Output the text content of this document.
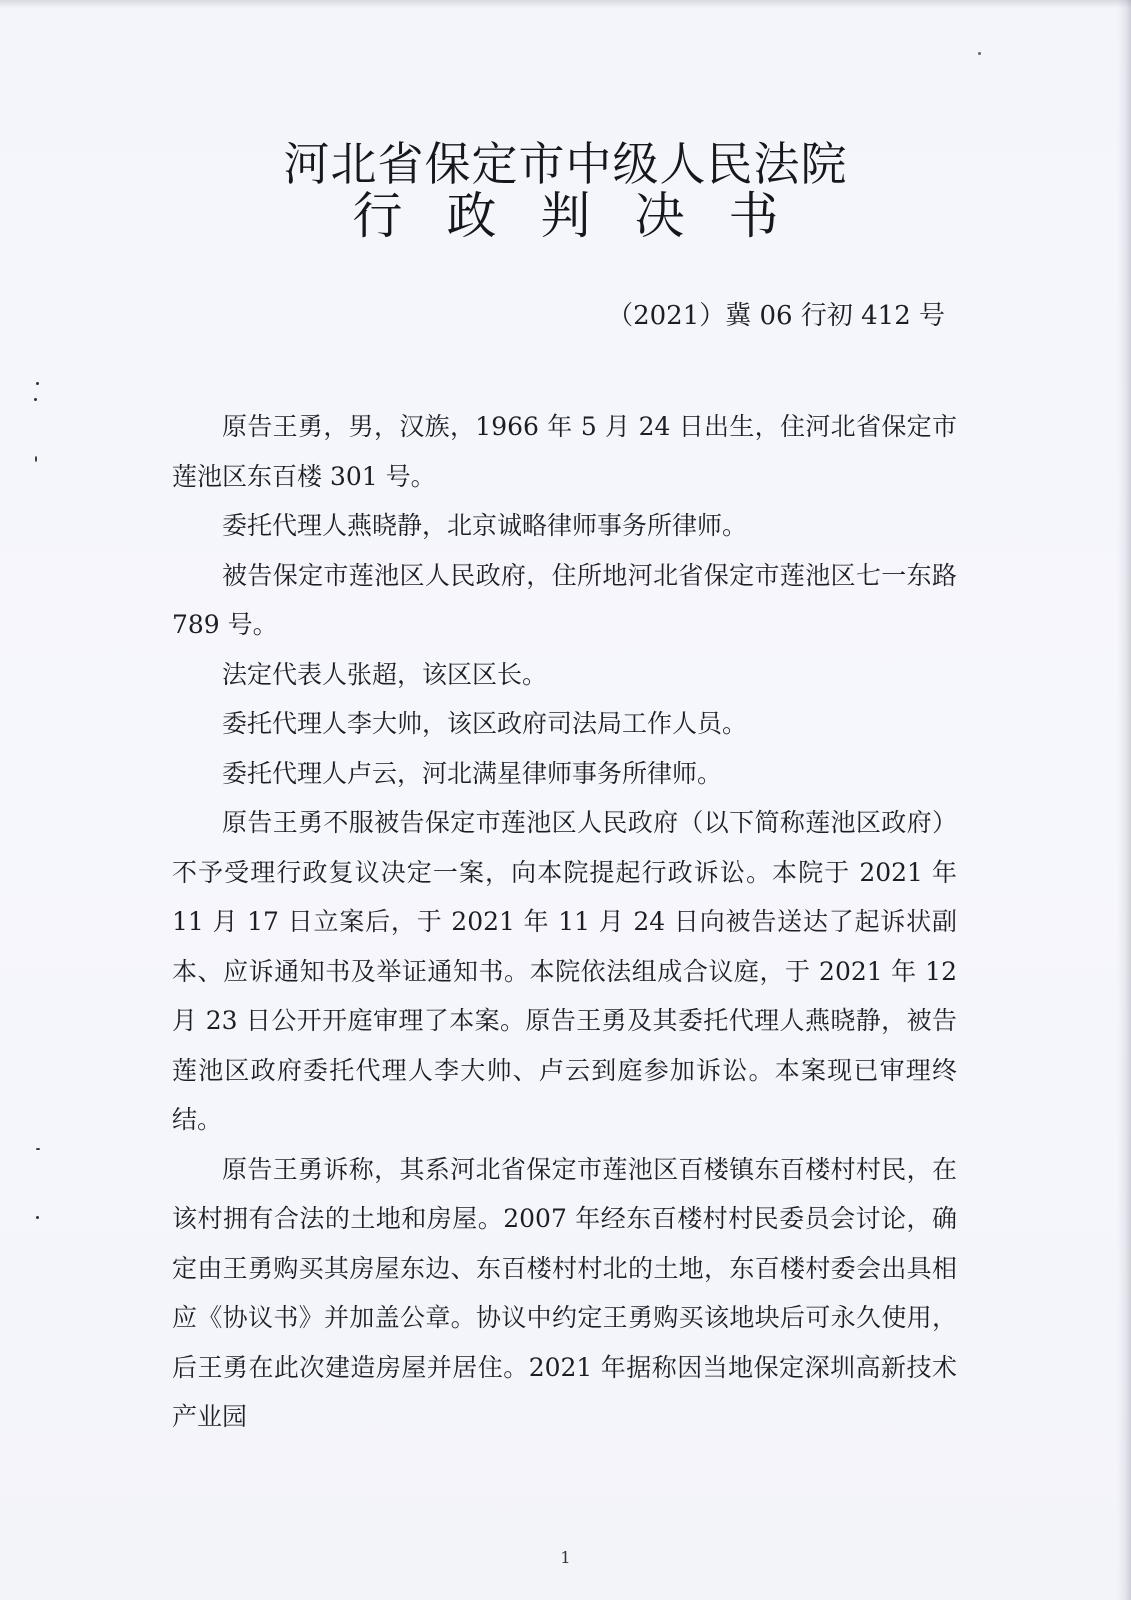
河北省保定市中级人民法院
行政判决书
（2021）冀 06 行初 412 号

原告王勇，男，汉族，1966 年 5 月 24 日出生，住河北省保定市莲池区东百楼 301 号。

委托代理人燕晓静，北京诚略律师事务所律师。

被告保定市莲池区人民政府，住所地河北省保定市莲池区七一东路 789 号。

法定代表人张超，该区区长。

委托代理人李大帅，该区政府司法局工作人员。

委托代理人卢云，河北满星律师事务所律师。

原告王勇不服被告保定市莲池区人民政府（以下简称莲池区政府）不予受理行政复议决定一案，向本院提起行政诉讼。本院于 2021 年 11 月 17 日立案后，于 2021 年 11 月 24 日向被告送达了起诉状副本、应诉通知书及举证通知书。本院依法组成合议庭，于 2021 年 12 月 23 日公开开庭审理了本案。原告王勇及其委托代理人燕晓静，被告莲池区政府委托代理人李大帅、卢云到庭参加诉讼。本案现已审理终结。

原告王勇诉称，其系河北省保定市莲池区百楼镇东百楼村村民，在该村拥有合法的土地和房屋。2007 年经东百楼村村民委员会讨论，确定由王勇购买其房屋东边、东百楼村村北的土地，东百楼村委会出具相应《协议书》并加盖公章。协议中约定王勇购买该地块后可永久使用，后王勇在此次建造房屋并居住。2021 年据称因当地保定深圳高新技术产业园

1
